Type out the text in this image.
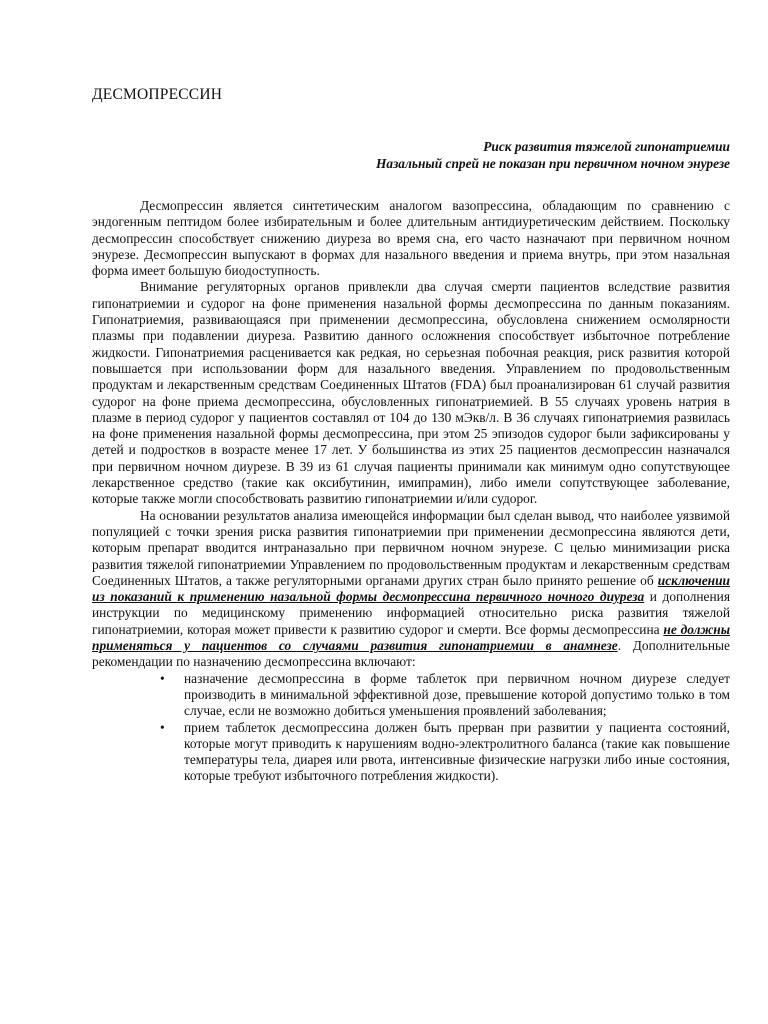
ДЕСМОПРЕССИН

Риск развития тяжелой гипонатриемии

Назальный спрей не показан при первичном ночном энурезе

Десмопрессин является синтетическим аналогом вазопрессина, обладающим по сравнению с эндогенным пептидом более избирательным и более длительным антидиуретическим действием. Поскольку десмопрессин способствует снижению диуреза во время сна, его часто назначают при первичном ночном энурезе. Десмопрессин выпускают в формах для назального введения и приема внутрь, при этом назальная форма имеет большую биодоступность.

Внимание регуляторных органов привлекли два случая смерти пациентов вследствие развития гипонатриемии и судорог на фоне применения назальной формы десмопрессина по данным показаниям. Гипонатриемия, развивающаяся при применении десмопрессина, обусловлена снижением осмолярности плазмы при подавлении диуреза. Развитию данного осложнения способствует избыточное потребление жидкости. Гипонатриемия расценивается как редкая, но серьезная побочная реакция, риск развития которой повышается при использовании форм для назального введения. Управлением по продовольственным продуктам и лекарственным средствам Соединенных Штатов (FDA) был проанализирован 61 случай развития судорог на фоне приема десмопрессина, обусловленных гипонатриемией. В 55 случаях уровень натрия в плазме в период судорог у пациентов составлял от 104 до 130 мЭкв/л. В 36 случаях гипонатриемия развилась на фоне применения назальной формы десмопрессина, при этом 25 эпизодов судорог были зафиксированы у детей и подростков в возрасте менее 17 лет. У большинства из этих 25 пациентов десмопрессин назначался при первичном ночном диурезе. В 39 из 61 случая пациенты принимали как минимум одно сопутствующее лекарственное средство (такие как оксибутинин, имипрамин), либо имели сопутствующее заболевание, которые также могли способствовать развитию гипонатриемии и/или судорог.

На основании результатов анализа имеющейся информации был сделан вывод, что наиболее уязвимой популяцией с точки зрения риска развития гипонатриемии при применении десмопрессина являются дети, которым препарат вводится интраназально при первичном ночном энурезе. С целью минимизации риска развития тяжелой гипонатриемии Управлением по продовольственным продуктам и лекарственным средствам Соединенных Штатов, а также регуляторными органами других стран было принято решение об исключении из показаний к применению назальной формы десмопрессина первичного ночного диуреза и дополнения инструкции по медицинскому применению информацией относительно риска развития тяжелой гипонатриемии, которая может привести к развитию судорог и смерти. Все формы десмопрессина не должны применяться у пациентов со случаями развития гипонатриемии в анамнезе. Дополнительные рекомендации по назначению десмопрессина включают:

• назначение десмопрессина в форме таблеток при первичном ночном диурезе следует производить в минимальной эффективной дозе, превышение которой допустимо только в том случае, если не возможно добиться уменьшения проявлений заболевания;
• прием таблеток десмопрессина должен быть прерван при развитии у пациента состояний, которые могут приводить к нарушениям водно-электролитного баланса (такие как повышение температуры тела, диарея или рвота, интенсивные физические нагрузки либо иные состояния, которые требуют избыточного потребления жидкости).
